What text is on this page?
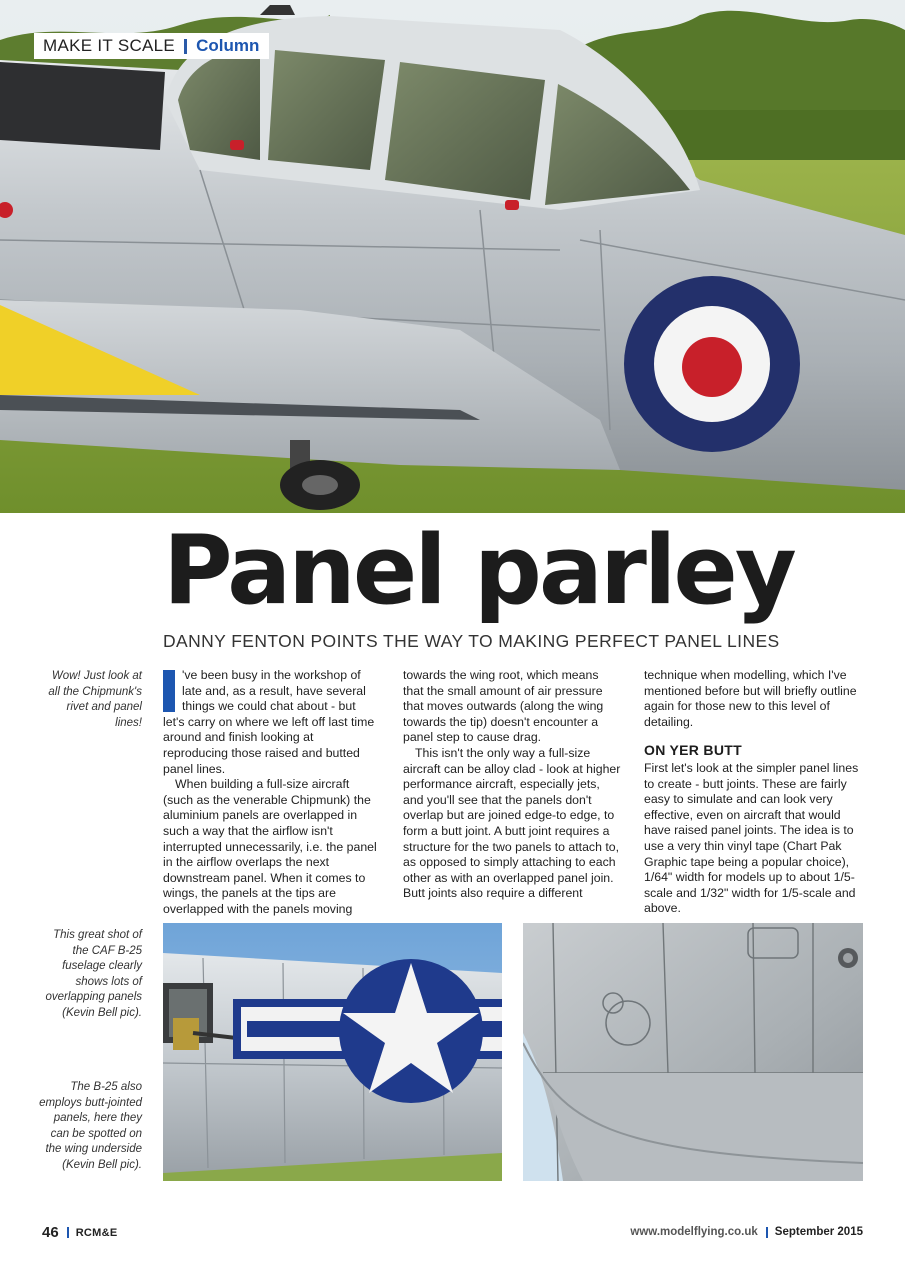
MAKE IT SCALE Column
Panel parley
DANNY FENTON POINTS THE WAY TO MAKING PERFECT PANEL LINES
Wow! Just look at all the Chipmunk's rivet and panel lines!
This great shot of the CAF B-25 fuselage clearly shows lots of overlapping panels (Kevin Bell pic).
The B-25 also employs butt-jointed panels, here they can be spotted on the wing underside (Kevin Bell pic).

've been busy in the workshop of late and, as a result, have several things we could chat about - but let's carry on where we left off last time around and finish looking at reproducing those raised and butted panel lines.

When building a full-size aircraft (such as the venerable Chipmunk) the aluminium panels are overlapped in such a way that the airflow isn't interrupted unnecessarily, i.e. the panel in the airflow overlaps the next downstream panel. When it comes to wings, the panels at the tips are overlapped with the panels moving

towards the wing root, which means that the small amount of air pressure that moves outwards (along the wing towards the tip) doesn't encounter a panel step to cause drag.

This isn't the only way a full-size aircraft can be alloy clad - look at higher performance aircraft, especially jets, and you'll see that the panels don't overlap but are joined edge-to edge, to form a butt joint. A butt joint requires a structure for the two panels to attach to, as opposed to simply attaching to each other as with an overlapped panel join. Butt joints also require a different

technique when modelling, which I've mentioned before but will briefly outline again for those new to this level of detailing.

ON YER BUTT

First let's look at the simpler panel lines to create - butt joints. These are fairly easy to simulate and can look very effective, even on aircraft that would have raised panel joints. The idea is to use a very thin vinyl tape (Chart Pak Graphic tape being a popular choice), 1/64" width for models up to about 1/5-scale and 1/32" width for 1/5-scale and above.

46 RCM&E	www.modelflying.co.uk September 2015
